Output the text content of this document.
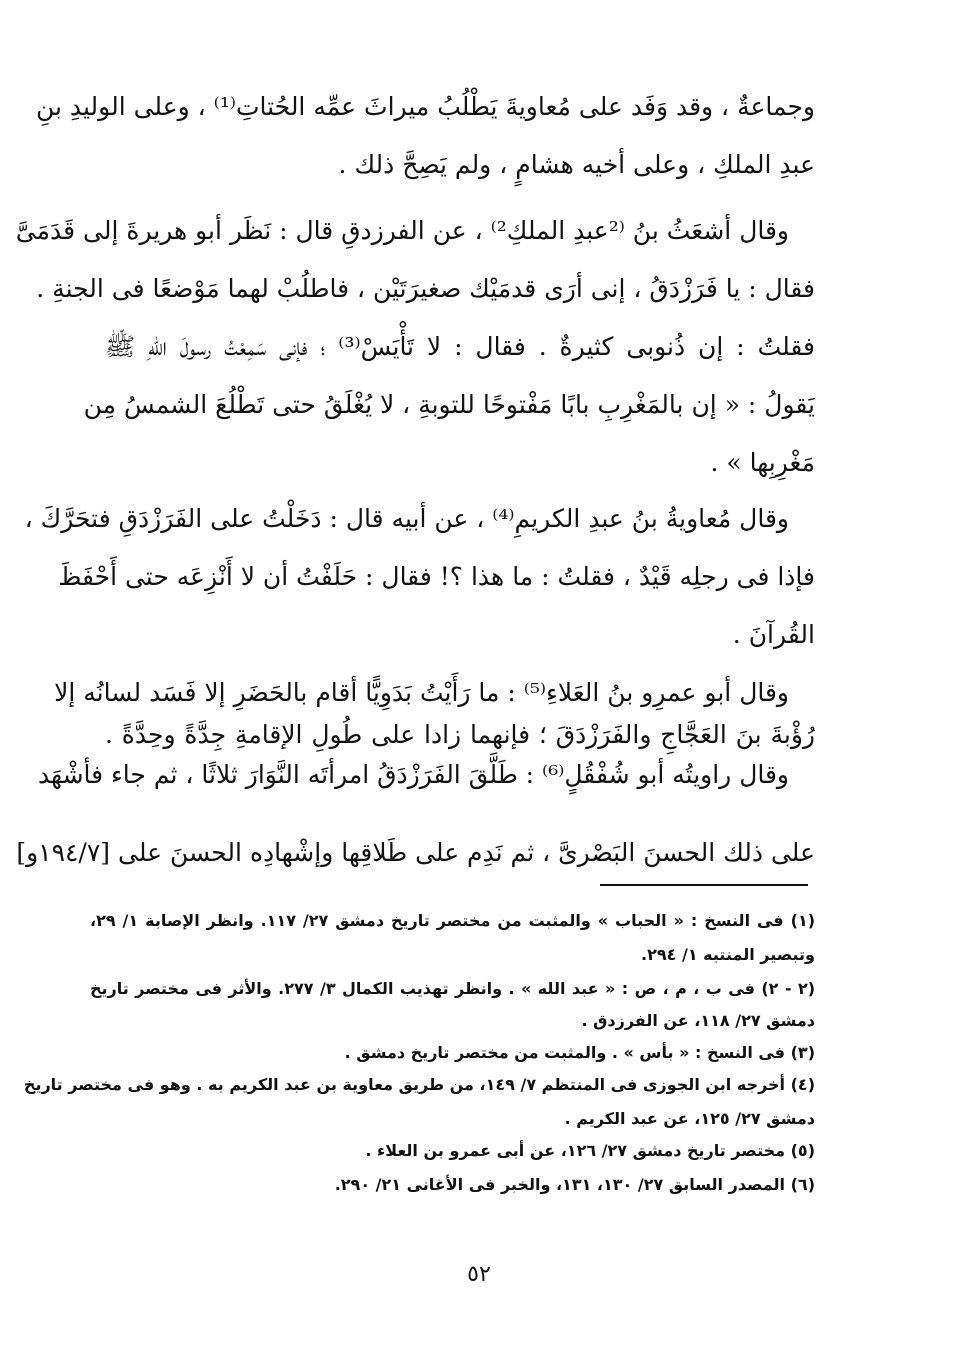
وجماعةٌ ، وقد وَفَد على مُعاويةَ يَطْلُبُ ميراثَ عمِّه الحُتاتِ⁽¹⁾ ، وعلى الوليدِ بنِ
عبدِ الملكِ ، وعلى أخيه هشامٍ ، ولم يَصِحَّ ذلك .
وقال أشعَثُ بنُ ⁽²عبدِ الملكِ²⁾ ، عن الفرزدقِ قال : نَظَر أبو هريرةَ إلى قَدَمَىَّ
فقال : يا فَرَزْدَقُ ، إنى أرَى قدمَيْك صغيرَتَيْن ، فاطلُبْ لهما مَوْضعًا فى الجنةِ .
فقلتُ : إن ذُنوبى كثيرةٌ . فقال : لا تَأْيَسْ⁽³⁾ ؛ فإنى سَمِعْتُ رسولَ اللهِ ﷺ
يَقولُ : « إن بالمَغْرِبِ بابًا مَفْتوحًا للتوبةِ ، لا يُغْلَقُ حتى تَطْلُعَ الشمسُ مِن
مَغْرِبِها » .
وقال مُعاويةُ بنُ عبدِ الكريمِ⁽⁴⁾ ، عن أبيه قال : دَخَلْتُ على الفَرَزْدَقِ فتحَرَّكَ ،
فإذا فى رجلِه قَيْدٌ ، فقلتُ : ما هذا ؟! فقال : حَلَفْتُ أن لا أَنْزِعَه حتى أَحْفَظَ
القُرآنَ .
وقال أبو عمرِو بنُ العَلاءِ⁽⁵⁾ : ما رَأَيْتُ بَدَوِيًّا أقام بالحَضَرِ إلا فَسَد لسانُه إلا
رُؤْبةَ بنَ العَجَّاجِ والفَرَزْدَقَ ؛ فإنهما زادا على طُولِ الإقامةِ جِدَّةً وحِدَّةً .
وقال راويتُه أبو شُفْقُلٍ⁽⁶⁾ : طَلَّقَ الفَرَزْدَقُ امرأتَه النَّوَارَ ثلاثًا ، ثم جاء فأشْهَد
على ذلك الحسنَ البَصْرىَّ ، ثم نَدِم على طَلاقِها وإشْهادِه الحسنَ على [١٩٤/٧و]
(١) فى النسخ : « الحباب » والمثبت من مختصر تاريخ دمشق ٢٧/ ١١٧. وانظر الإصابة ١/ ٢٩،
وتبصير المنتبه ١/ ٢٩٤.
(٢ - ٢) فى ب ، م ، ص : « عبد الله » . وانظر تهذيب الكمال ٣/ ٢٧٧. والأثر فى مختصر تاريخ
دمشق ٢٧/ ١١٨، عن الفرزدق .
(٣) فى النسخ : « بأس » . والمثبت من مختصر تاريخ دمشق .
(٤) أخرجه ابن الجوزى فى المنتظم ٧/ ١٤٩، من طريق معاوية بن عبد الكريم به . وهو فى مختصر تاريخ
دمشق ٢٧/ ١٢٥، عن عبد الكريم .
(٥) مختصر تاريخ دمشق ٢٧/ ١٢٦، عن أبى عمرو بن العلاء .
(٦) المصدر السابق ٢٧/ ١٣٠، ١٣١، والخبر فى الأغانى ٢١/ ٢٩٠.
٥٢
